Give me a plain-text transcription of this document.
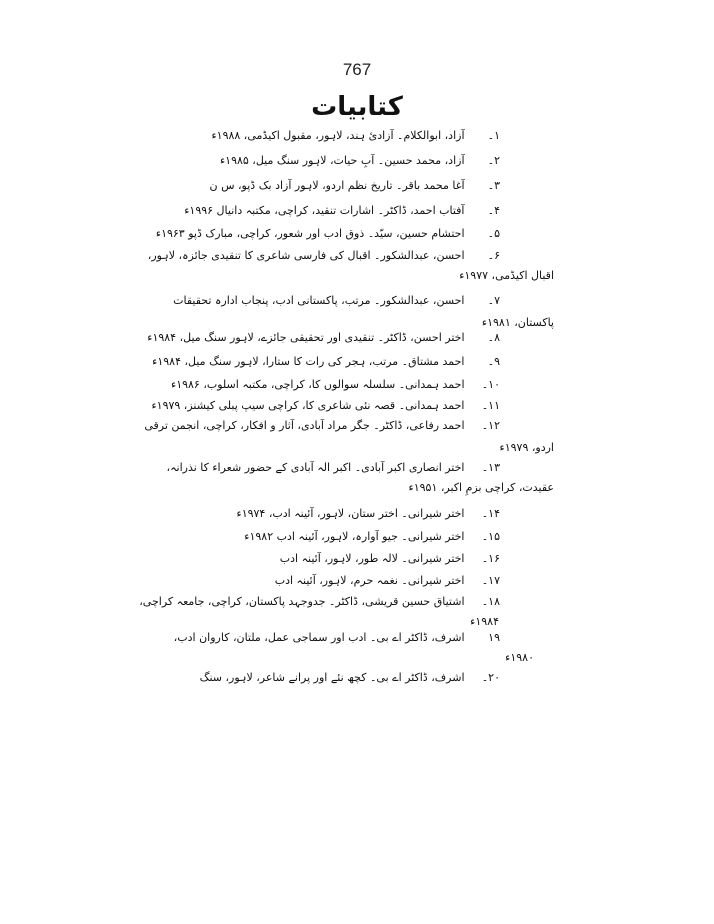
767
کتابیات
۱۔ آزاد، ابوالکلام۔ آزادیٔ ہند، لاہور، مقبول اکیڈمی، ۱۹۸۸ء
۲۔ آزاد، محمد حسین۔ آبِ حیات، لاہور سنگ میل، ۱۹۸۵ء
۳۔ آغا محمد باقر۔ تاریخ نظم اردو، لاہور آزاد بک ڈپو، س ن
۴۔ آفتاب احمد، ڈاکٹر۔ اشارات تنقید، کراچی، مکتبہ دانیال ۱۹۹۶ء
۵۔ احتشام حسین، سیّد۔ ذوق ادب اور شعور، کراچی، مبارک ڈپو ۱۹۶۳ء
۶۔ احسن، عبدالشکور۔ اقبال کی فارسی شاعری کا تنقیدی جائزہ، لاہور،
اقبال اکیڈمی، ۱۹۷۷ء
۷۔ احسن، عبدالشکور۔ مرتب، پاکستانی ادب، پنجاب ادارہ تحقیقات
پاکستان، ۱۹۸۱ء
۸۔ اختر احسن، ڈاکٹر۔ تنقیدی اور تحقیقی جائزے، لاہور سنگ میل، ۱۹۸۴ء
۹۔ احمد مشتاق۔ مرتب، ہجر کی رات کا ستارا، لاہور سنگ میل، ۱۹۸۴ء
۱۰۔ احمد ہمدانی۔ سلسلہ سوالوں کا، کراچی، مکتبہ اسلوب، ۱۹۸۶ء
۱۱۔ احمد ہمدانی۔ قصہ نئی شاعری کا، کراچی سیپ پبلی کیشنز، ۱۹۷۹ء
۱۲۔ احمد رفاعی، ڈاکٹر۔ جگر مراد آبادی، آثار و افکار، کراچی، انجمن ترقی
اردو، ۱۹۷۹ء
۱۳۔ اختر انصاری اکبر آبادی۔ اکبر الہ آبادی کے حضور شعراء کا نذرانہ،
عقیدت، کراچی بزمِ اکبر، ۱۹۵۱ء
۱۴۔ اختر شیرانی۔ اختر ستان، لاہور، آئینہ ادب، ۱۹۷۴ء
۱۵۔ اختر شیرانی۔ جیو آوارہ، لاہور، آئینہ ادب ۱۹۸۲ء
۱۶۔ اختر شیرانی۔ لالہ طور، لاہور، آئینہ ادب
۱۷۔ اختر شیرانی۔ نغمہ حرم، لاہور، آئینہ ادب
۱۸۔ اشتیاق حسین قریشی، ڈاکٹر۔ جدوجہد پاکستان، کراچی، جامعہ کراچی،
۱۹۸۴ء
۱۹ اشرف، ڈاکٹر اے بی۔ ادب اور سماجی عمل، ملتان، کاروان ادب،
۱۹۸۰ء
۲۰۔ اشرف، ڈاکٹر اے بی۔ کچھ نئے اور پرانے شاعر، لاہور، سنگ
